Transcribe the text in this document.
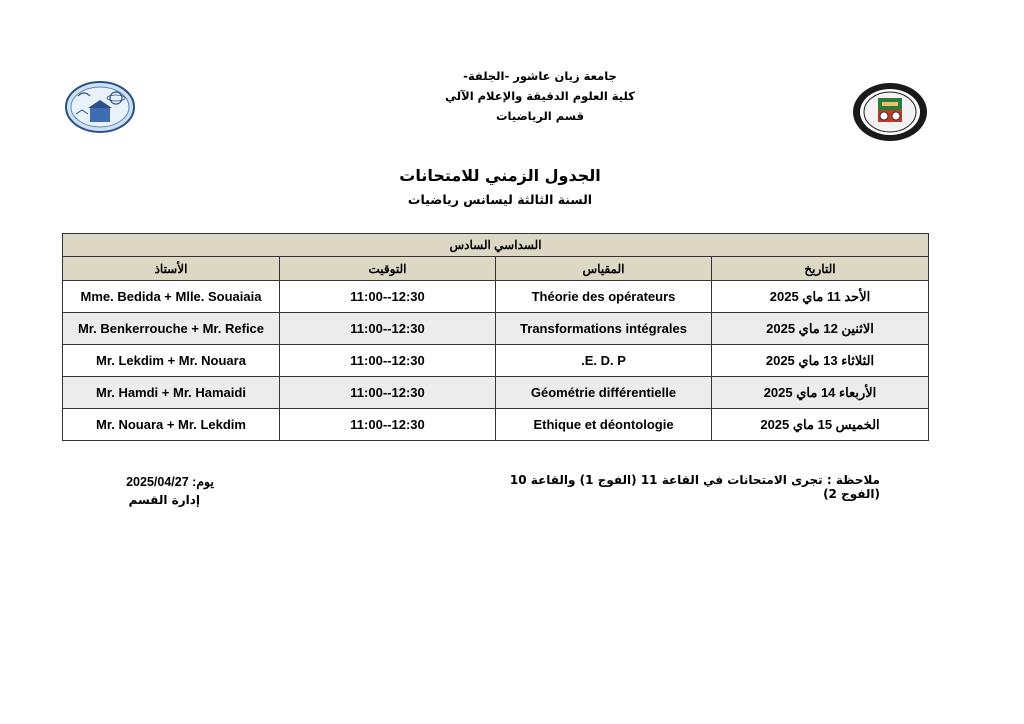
جامعة زيان عاشور -الجلفة-
كلية العلوم الدقيقة والإعلام الآلي
قسم الرياضيات
الجدول الزمني للامتحانات
السنة الثالثة ليسانس رياضيات
السداسي السادس			
التاريخ	المقياس	التوقيت	الأستاذ
الأحد 11 ماي 2025	Théorie des opérateurs	12:30--11:00	Mme. Bedida + Mlle. Souaiaia
الاثنين 12 ماي 2025	Transformations intégrales	12:30--11:00	Mr. Benkerrouche + Mr. Refice
الثلاثاء 13 ماي 2025	E. D. P.	12:30--11:00	Mr. Lekdim + Mr. Nouara
الأربعاء 14 ماي 2025	Géométrie différentielle	12:30--11:00	Mr. Hamdi + Mr. Hamaidi
الخميس 15 ماي 2025	Ethique et déontologie	12:30--11:00	Mr. Nouara + Mr. Lekdim
ملاحظة : تجرى الامتحانات في القاعة 11 (الفوج 1) والقاعة 10 (الفوج 2)
يوم: 2025/04/27
إدارة القسم
